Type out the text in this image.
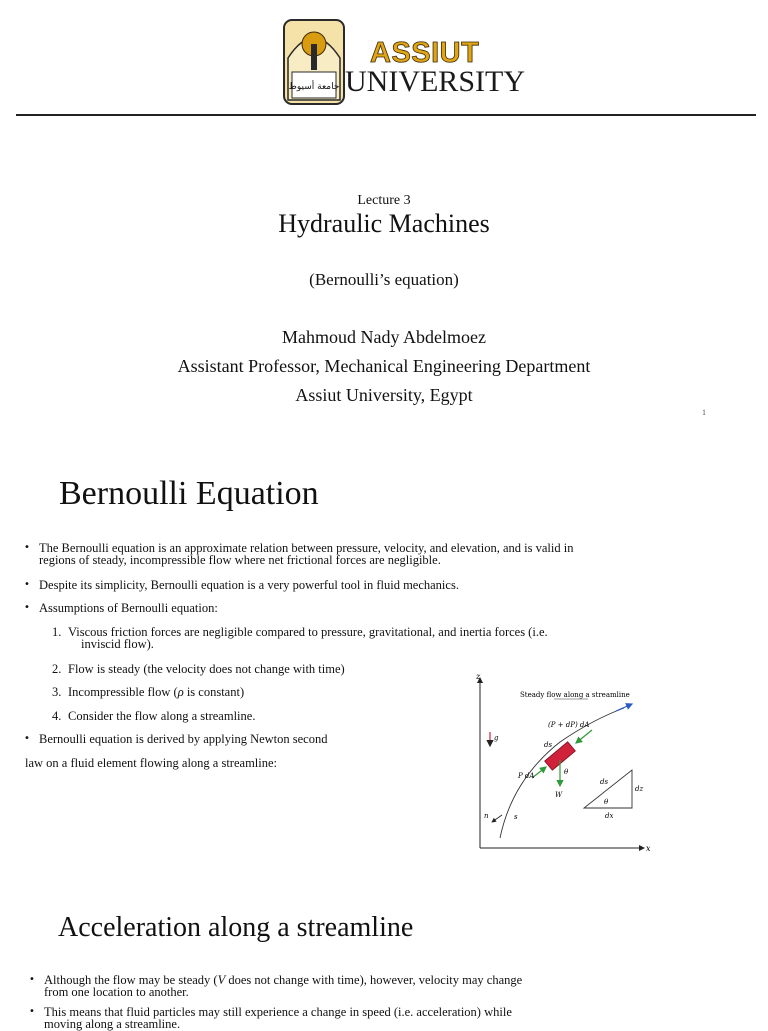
جامعة أسيوط
ASSIUT
UNIVERSITY
Lecture 3
Hydraulic Machines
(Bernoulli’s equation)
Mahmoud Nady Abdelmoez
Assistant Professor, Mechanical Engineering Department
Assiut University, Egypt
1
Bernoulli Equation
• The Bernoulli equation is an approximate relation between pressure, velocity, and elevation, and is valid in
regions of steady, incompressible flow where net frictional forces are negligible.
• Despite its simplicity, Bernoulli equation is a very powerful tool in fluid mechanics.
• Assumptions of Bernoulli equation:
1. Viscous friction forces are negligible compared to pressure, gravitational, and inertia forces (i.e.
inviscid flow).
2. Flow is steady (the velocity does not change with time)
3. Incompressible flow (ρ is constant)
4. Consider the flow along a streamline.
• Bernoulli equation is derived by applying Newton second
law on a fluid element flowing along a streamline:
z
x
g
Steady flow along a streamline
(P + dP) dA
ds
P dA	θ
W
n	s
ds
dz
dx
θ
Acceleration along a streamline
• Although the flow may be steady (V does not change with time), however, velocity may change
from one location to another.
• This means that fluid particles may still experience a change in speed (i.e. acceleration) while
moving along a streamline.
